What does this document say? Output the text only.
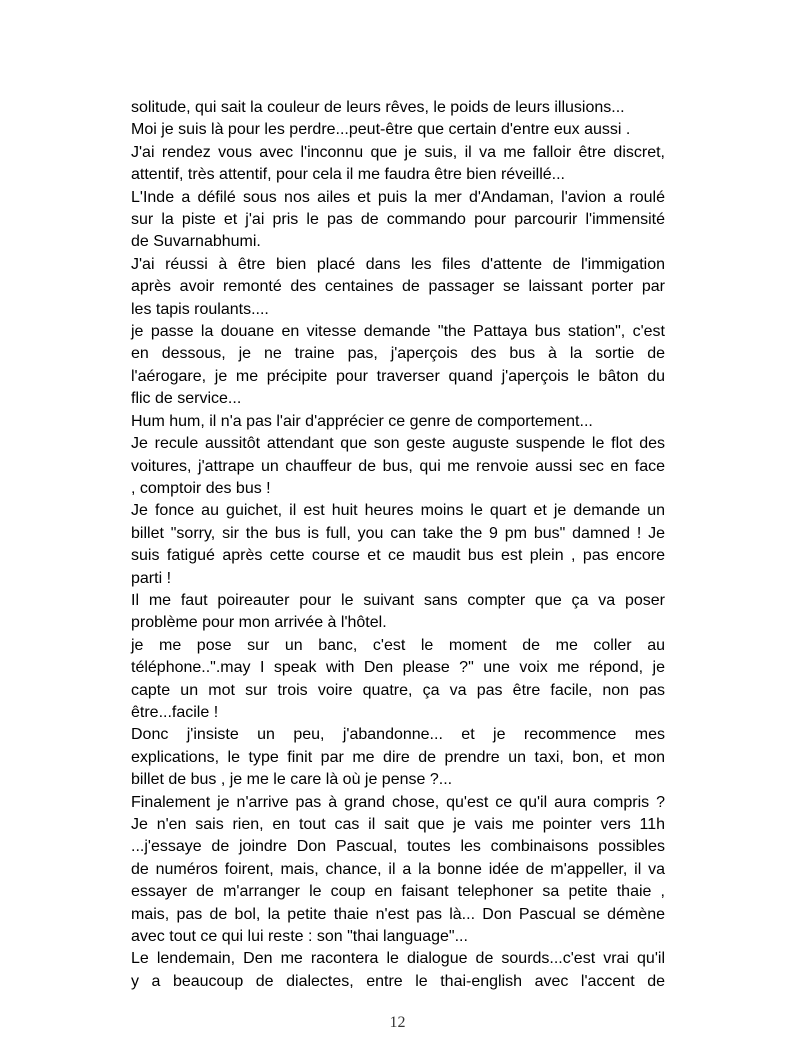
solitude, qui sait la couleur de leurs rêves, le poids de leurs illusions...
Moi je suis là pour les perdre...peut-être que certain d'entre eux aussi .
J'ai rendez vous avec l'inconnu que je suis, il va me falloir être discret,
attentif, très attentif, pour cela il me faudra être bien réveillé...
L'Inde a défilé sous nos ailes et puis la mer d'Andaman, l'avion a roulé
sur la piste et j'ai pris le pas de commando pour parcourir l'immensité
de Suvarnabhumi.
J'ai réussi à être bien placé dans les files d'attente de l'immigation
après avoir remonté des centaines de passager se laissant porter par
les tapis roulants....
je passe la douane en vitesse demande "the Pattaya bus station", c'est
en dessous, je ne traine pas, j'aperçois des bus à la sortie de
l'aérogare, je me précipite pour traverser quand j'aperçois le bâton du
flic de service...
Hum hum, il n'a pas l'air d'apprécier ce genre de comportement...
Je recule aussitôt attendant que son geste auguste suspende le flot des
voitures, j'attrape un chauffeur de bus, qui me renvoie aussi sec en face
, comptoir des bus !
Je fonce au guichet, il est huit heures moins le quart et je demande un
billet "sorry, sir the bus is full, you can take the 9 pm bus" damned ! Je
suis fatigué après cette course et ce maudit bus est plein , pas encore
parti !
Il me faut poireauter pour le suivant sans compter que ça va poser
problème pour mon arrivée à l'hôtel.
je me pose sur un banc, c'est le moment de me coller au
téléphone..".may I speak with Den please ?" une voix me répond, je
capte un mot sur trois voire quatre, ça va pas être facile, non pas
être...facile !
Donc j'insiste un peu, j'abandonne... et je recommence mes
explications, le type finit par me dire de prendre un taxi, bon, et mon
billet de bus , je me le care là où je pense ?...
Finalement je n'arrive pas à grand chose, qu'est ce qu'il aura compris ?
Je n'en sais rien, en tout cas il sait que je vais me pointer vers 11h
...j'essaye de joindre Don Pascual, toutes les combinaisons possibles
de numéros foirent, mais, chance, il a la bonne idée de m'appeller, il va
essayer de m'arranger le coup en faisant telephoner sa petite thaie ,
mais, pas de bol, la petite thaie n'est pas là... Don Pascual se démène
avec tout ce qui lui reste : son "thai language"...
Le lendemain, Den me racontera le dialogue de sourds...c'est vrai qu'il
y a beaucoup de dialectes, entre le thai-english avec l'accent de
12
